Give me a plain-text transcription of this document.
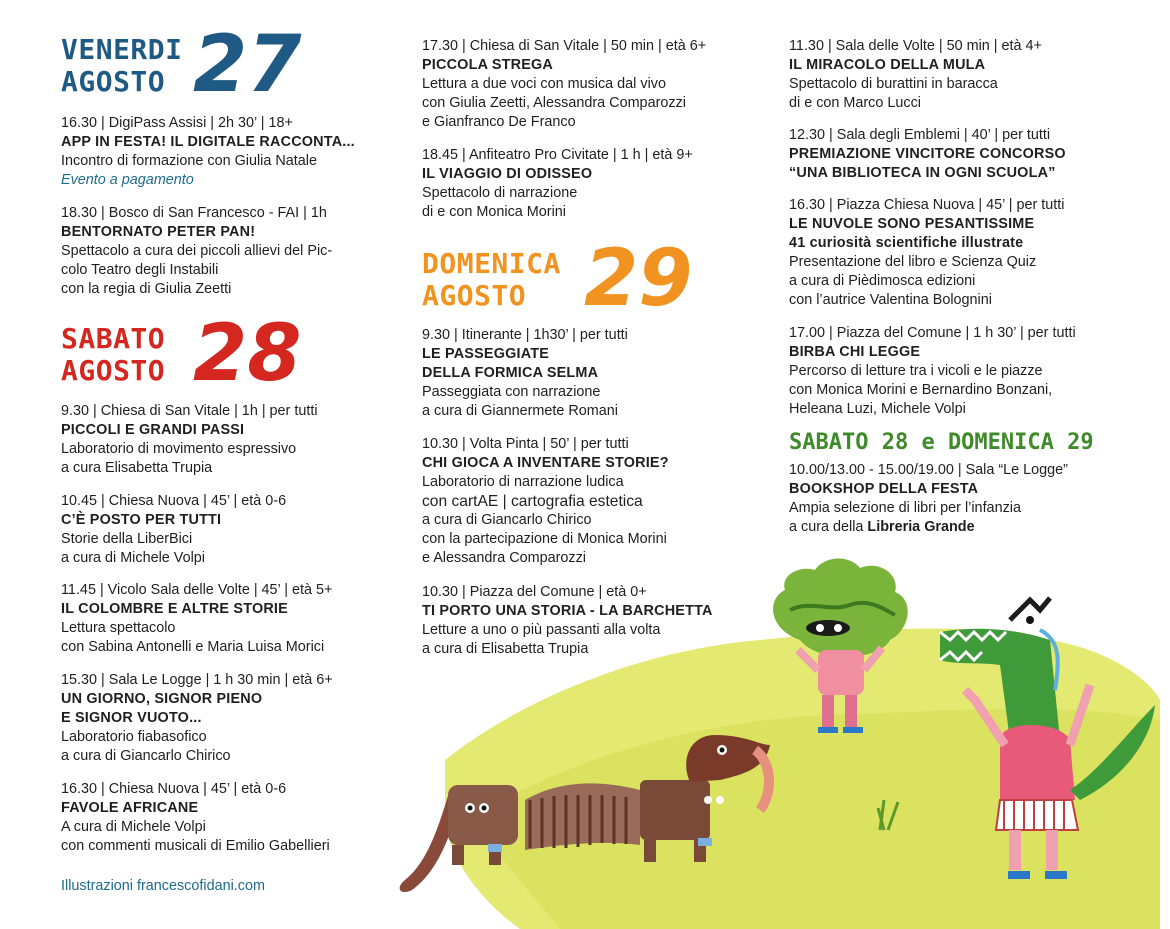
VENERDI
AGOSTO 27
SABATO
AGOSTO 28
DOMENICA
AGOSTO 29
SABATO 28 e DOMENICA 29
16.30 | DigiPass Assisi | 2h 30’ | 18+
APP IN FESTA! IL DIGITALE RACCONTA...
Incontro di formazione con Giulia Natale
Evento a pagamento
18.30 | Bosco di San Francesco - FAI | 1h
BENTORNATO PETER PAN!
Spettacolo a cura dei piccoli allievi del Pic-
colo Teatro degli Instabili
con la regia di Giulia Zeetti
9.30 | Chiesa di San Vitale | 1h | per tutti
PICCOLI E GRANDI PASSI
Laboratorio di movimento espressivo
a cura Elisabetta Trupia
10.45 | Chiesa Nuova | 45’ | età 0-6
C’È POSTO PER TUTTI
Storie della LiberBici
a cura di Michele Volpi
11.45 | Vicolo Sala delle Volte | 45’ | età 5+
IL COLOMBRE E ALTRE STORIE
Lettura spettacolo
con Sabina Antonelli e Maria Luisa Morici
15.30 | Sala Le Logge | 1 h 30 min | età 6+
UN GIORNO, SIGNOR PIENO
E SIGNOR VUOTO...
Laboratorio fiabasofico
a cura di Giancarlo Chirico
16.30 | Chiesa Nuova | 45’ | età 0-6
FAVOLE AFRICANE
A cura di Michele Volpi
con commenti musicali di Emilio Gabellieri
17.30 | Chiesa di San Vitale | 50 min | età 6+
PICCOLA STREGA
Lettura a due voci con musica dal vivo
con Giulia Zeetti, Alessandra Comparozzi
e Gianfranco De Franco
18.45 | Anfiteatro Pro Civitate | 1 h | età 9+
IL VIAGGIO DI ODISSEO
Spettacolo di narrazione
di e con Monica Morini
9.30 | Itinerante | 1h30’ | per tutti
LE PASSEGGIATE
DELLA FORMICA SELMA
Passeggiata con narrazione
a cura di Giannermete Romani
10.30 | Volta Pinta | 50’ | per tutti
CHI GIOCA A INVENTARE STORIE?
Laboratorio di narrazione ludica
con cartAE | cartografia estetica
a cura di Giancarlo Chirico
con la partecipazione di Monica Morini
e Alessandra Comparozzi
10.30 | Piazza del Comune | età 0+
TI PORTO UNA STORIA - LA BARCHETTA
Letture a uno o più passanti alla volta
a cura di Elisabetta Trupia
11.30 | Sala delle Volte | 50 min | età 4+
IL MIRACOLO DELLA MULA
Spettacolo di burattini in baracca
di e con Marco Lucci
12.30 | Sala degli Emblemi | 40’ | per tutti
PREMIAZIONE VINCITORE CONCORSO
“UNA BIBLIOTECA IN OGNI SCUOLA”
16.30 | Piazza Chiesa Nuova | 45’ | per tutti
LE NUVOLE SONO PESANTISSIME
41 curiosità scientifiche illustrate
Presentazione del libro e Scienza Quiz
a cura di Pièdimosca edizioni
con l’autrice Valentina Bolognini
17.00 | Piazza del Comune | 1 h 30’ | per tutti
BIRBA CHI LEGGE
Percorso di letture tra i vicoli e le piazze
con Monica Morini e Bernardino Bonzani,
Heleana Luzi, Michele Volpi
10.00/13.00 - 15.00/19.00 | Sala “Le Logge”
BOOKSHOP DELLA FESTA
Ampia selezione di libri per l’infanzia
a cura della Libreria Grande
Illustrazioni francescofidani.com
